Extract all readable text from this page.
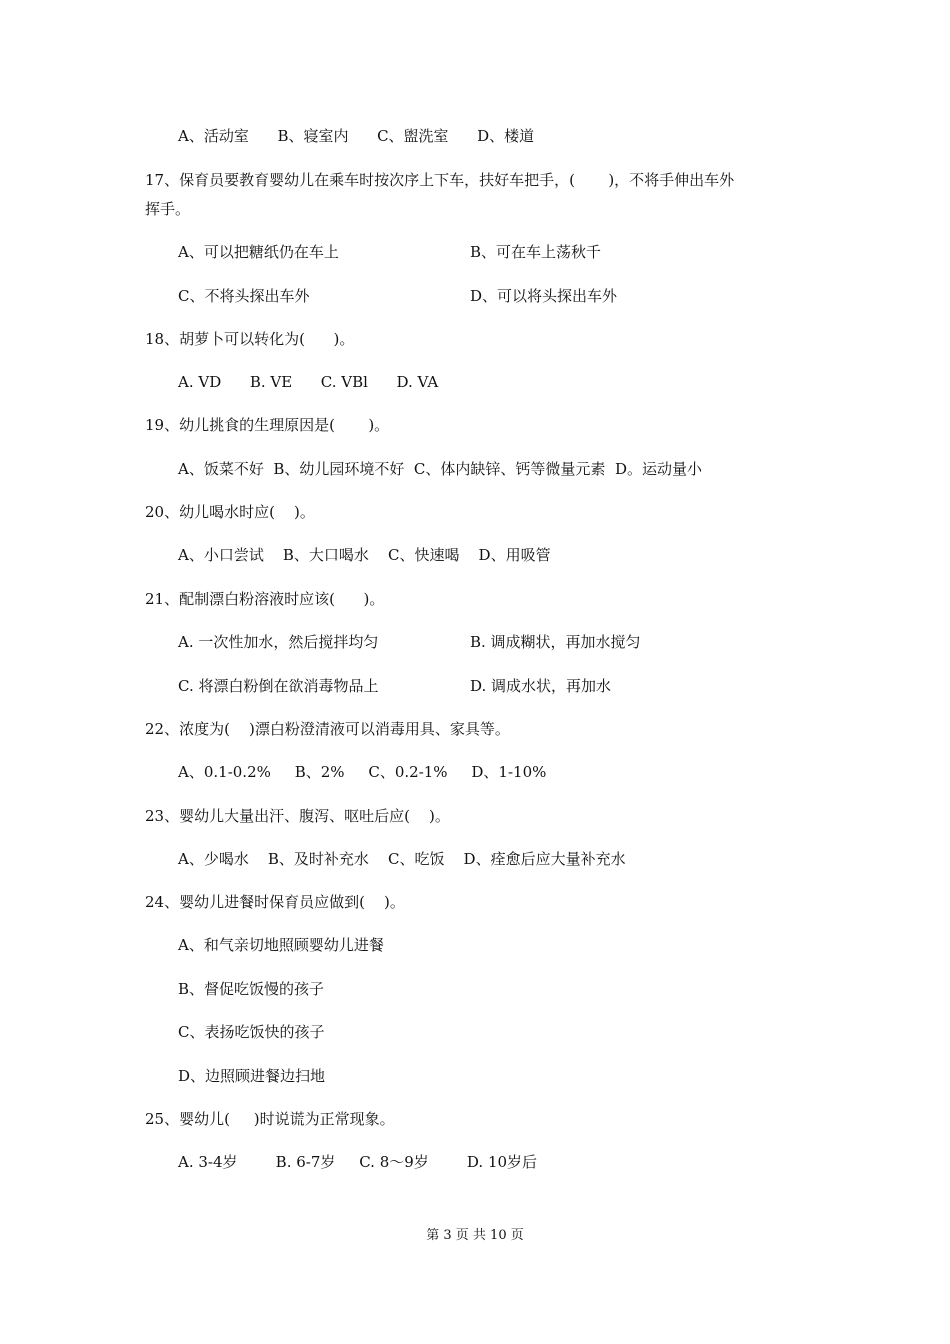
A、活动室      B、寝室内      C、盥洗室      D、楼道
17、保育员要教育婴幼儿在乘车时按次序上下车，扶好车把手，(       )，不将手伸出车外
挥手。
A、可以把糖纸仍在车上	B、可在车上荡秋千
C、不将头探出车外	D、可以将头探出车外
18、胡萝卜可以转化为(      )。
A. VD      B. VE      C. VBl      D. VA
19、幼儿挑食的生理原因是(       )。
A、饭菜不好  B、幼儿园环境不好  C、体内缺锌、钙等微量元素  D。运动量小
20、幼儿喝水时应(    )。
A、小口尝试    B、大口喝水    C、快速喝    D、用吸管
21、配制漂白粉溶液时应该(      )。
A. 一次性加水，然后搅拌均匀	B. 调成糊状，再加水搅匀
C. 将漂白粉倒在欲消毒物品上	D. 调成水状，再加水
22、浓度为(    )漂白粉澄清液可以消毒用具、家具等。
A、0.1-0.2%     B、2%     C、0.2-1%     D、1-10%
23、婴幼儿大量出汗、腹泻、呕吐后应(    )。
A、少喝水    B、及时补充水    C、吃饭    D、痊愈后应大量补充水
24、婴幼儿进餐时保育员应做到(    )。
A、和气亲切地照顾婴幼儿进餐
B、督促吃饭慢的孩子
C、表扬吃饭快的孩子
D、边照顾进餐边扫地
25、婴幼儿(     )时说谎为正常现象。
A. 3-4岁        B. 6-7岁     C. 8～9岁        D. 10岁后
第 3 页 共 10 页
